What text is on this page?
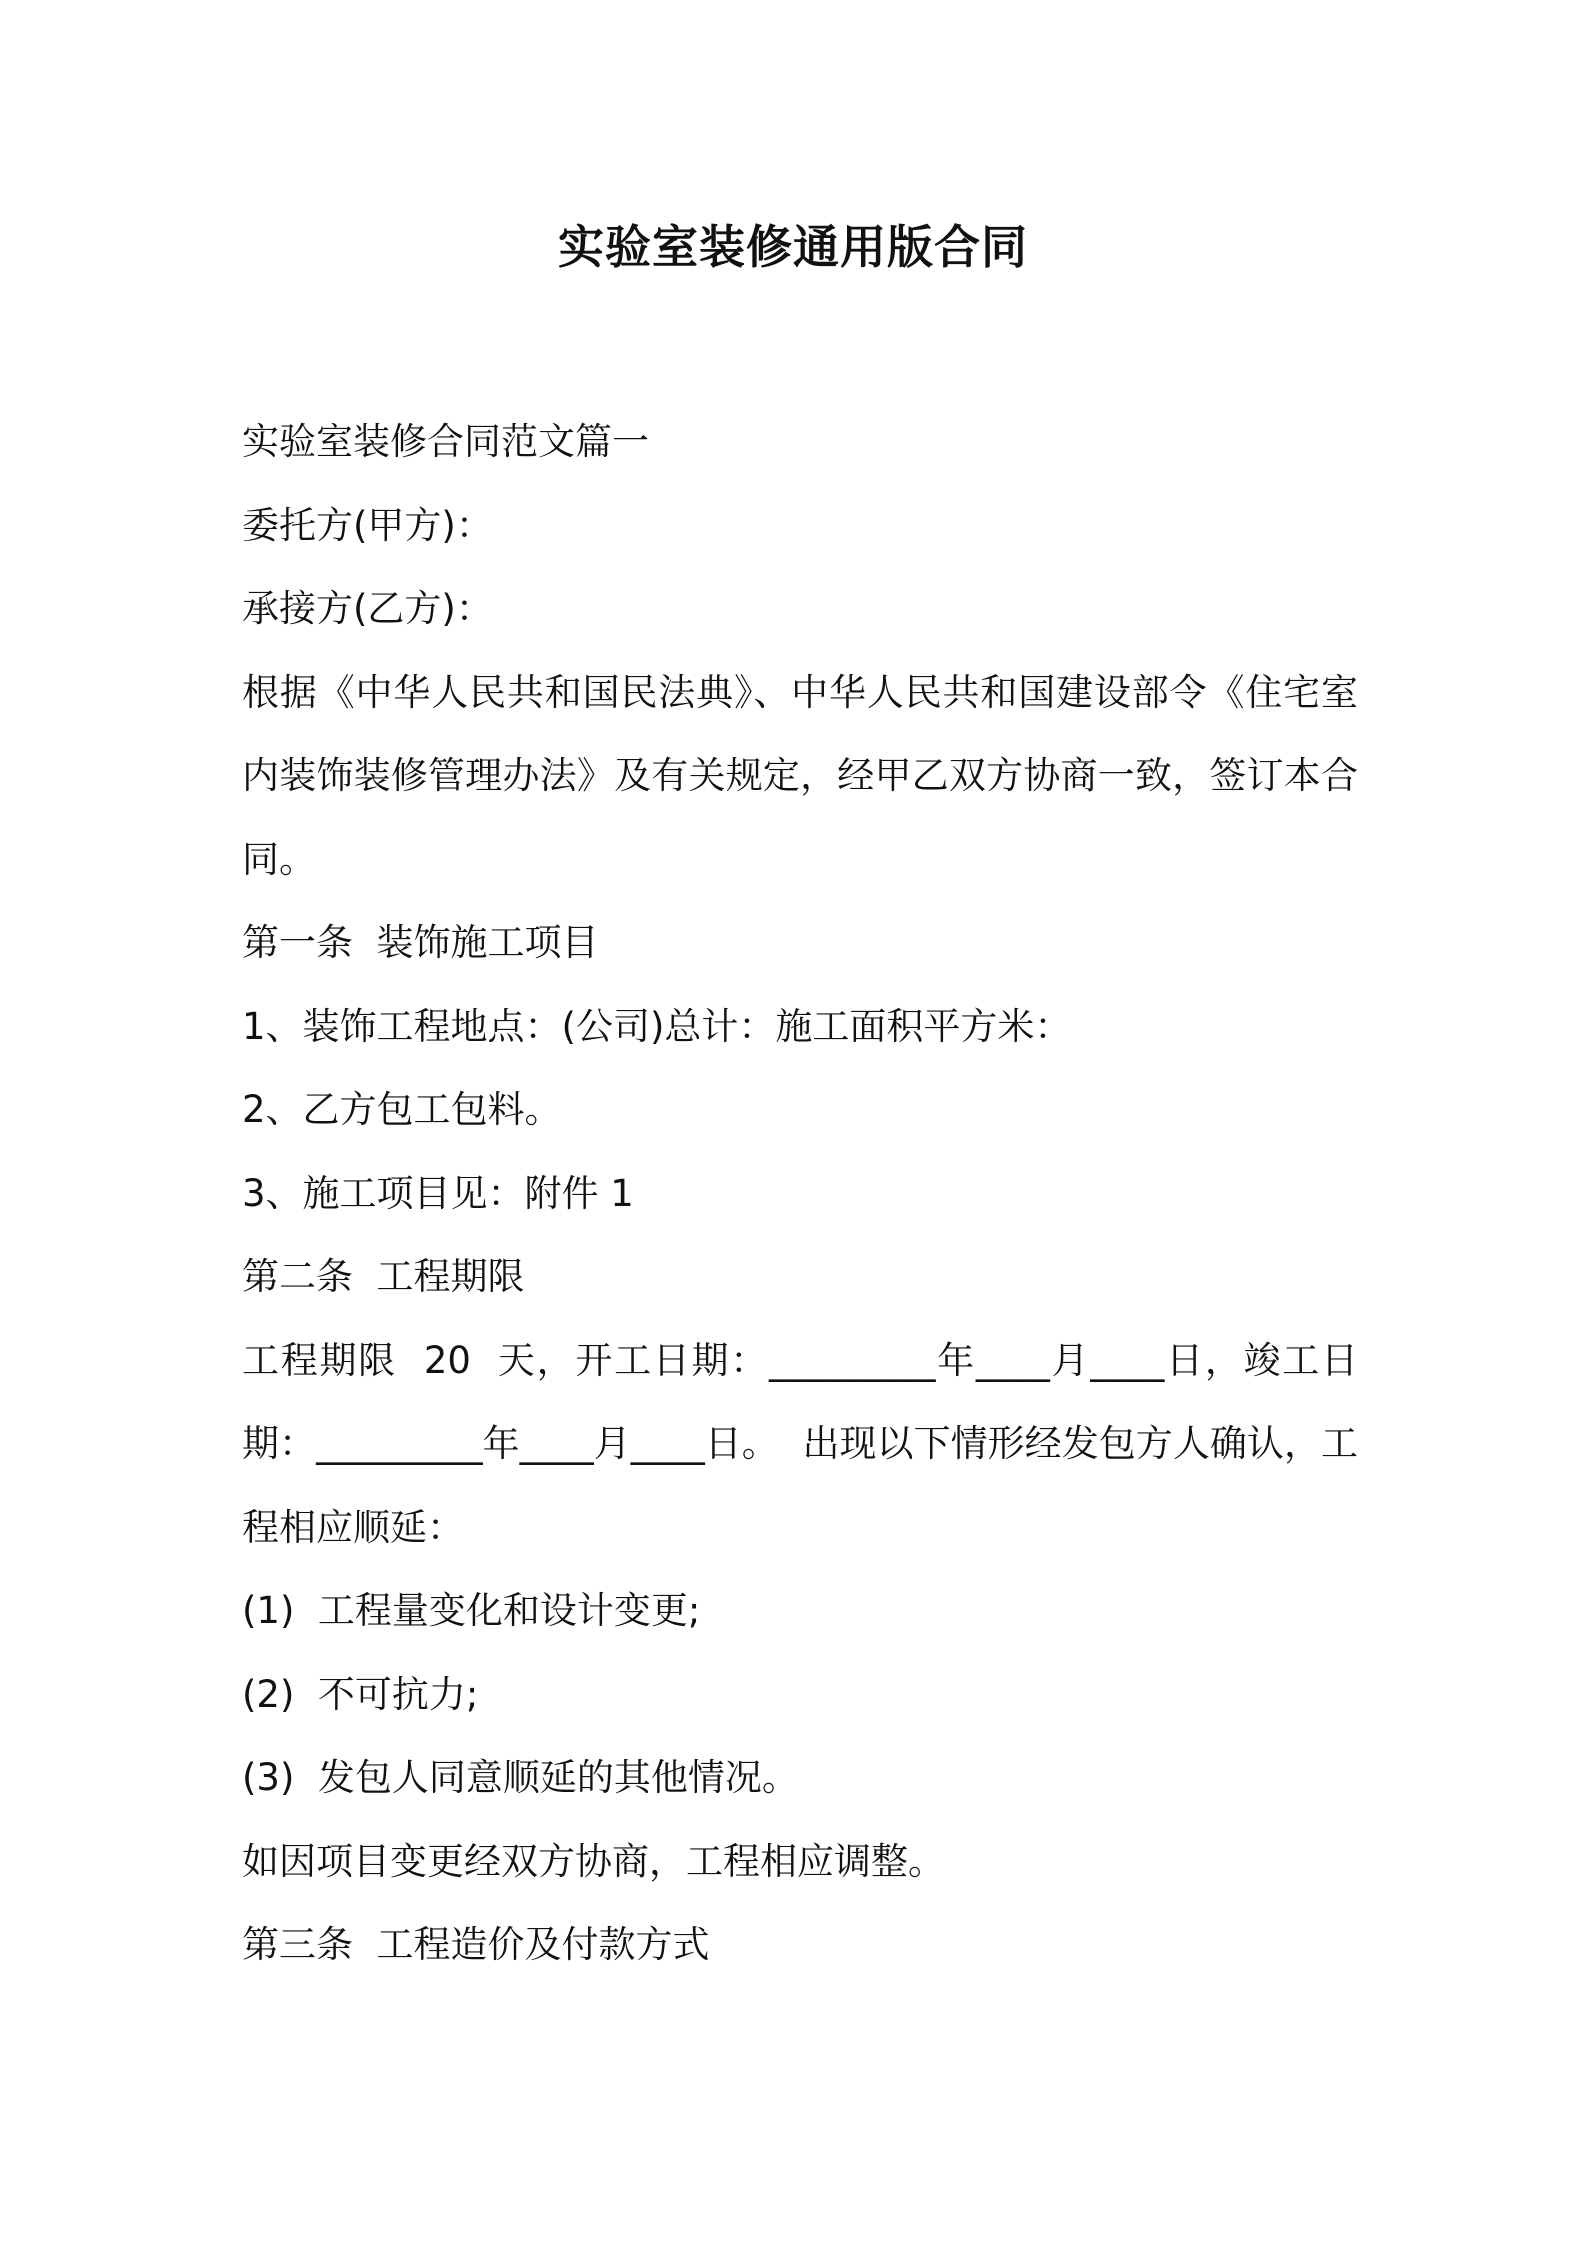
实验室装修通用版合同

实验室装修合同范文篇一

委托方(甲方)：

承接方(乙方)：

根据《中华人民共和国民法典》、中华人民共和国建设部令《住宅室内装饰装修管理办法》及有关规定，经甲乙双方协商一致，签订本合同。

第一条  装饰施工项目

1、装饰工程地点：(公司)总计：施工面积平方米：

2、乙方包工包料。

3、施工项目见：附件 1

第二条  工程期限

工程期限  20  天，开工日期：_________年____月____日，竣工日期：_________年____月____日。  出现以下情形经发包方人确认，工程相应顺延：

(1)  工程量变化和设计变更;

(2)  不可抗力;

(3)  发包人同意顺延的其他情况。

如因项目变更经双方协商，工程相应调整。

第三条  工程造价及付款方式
